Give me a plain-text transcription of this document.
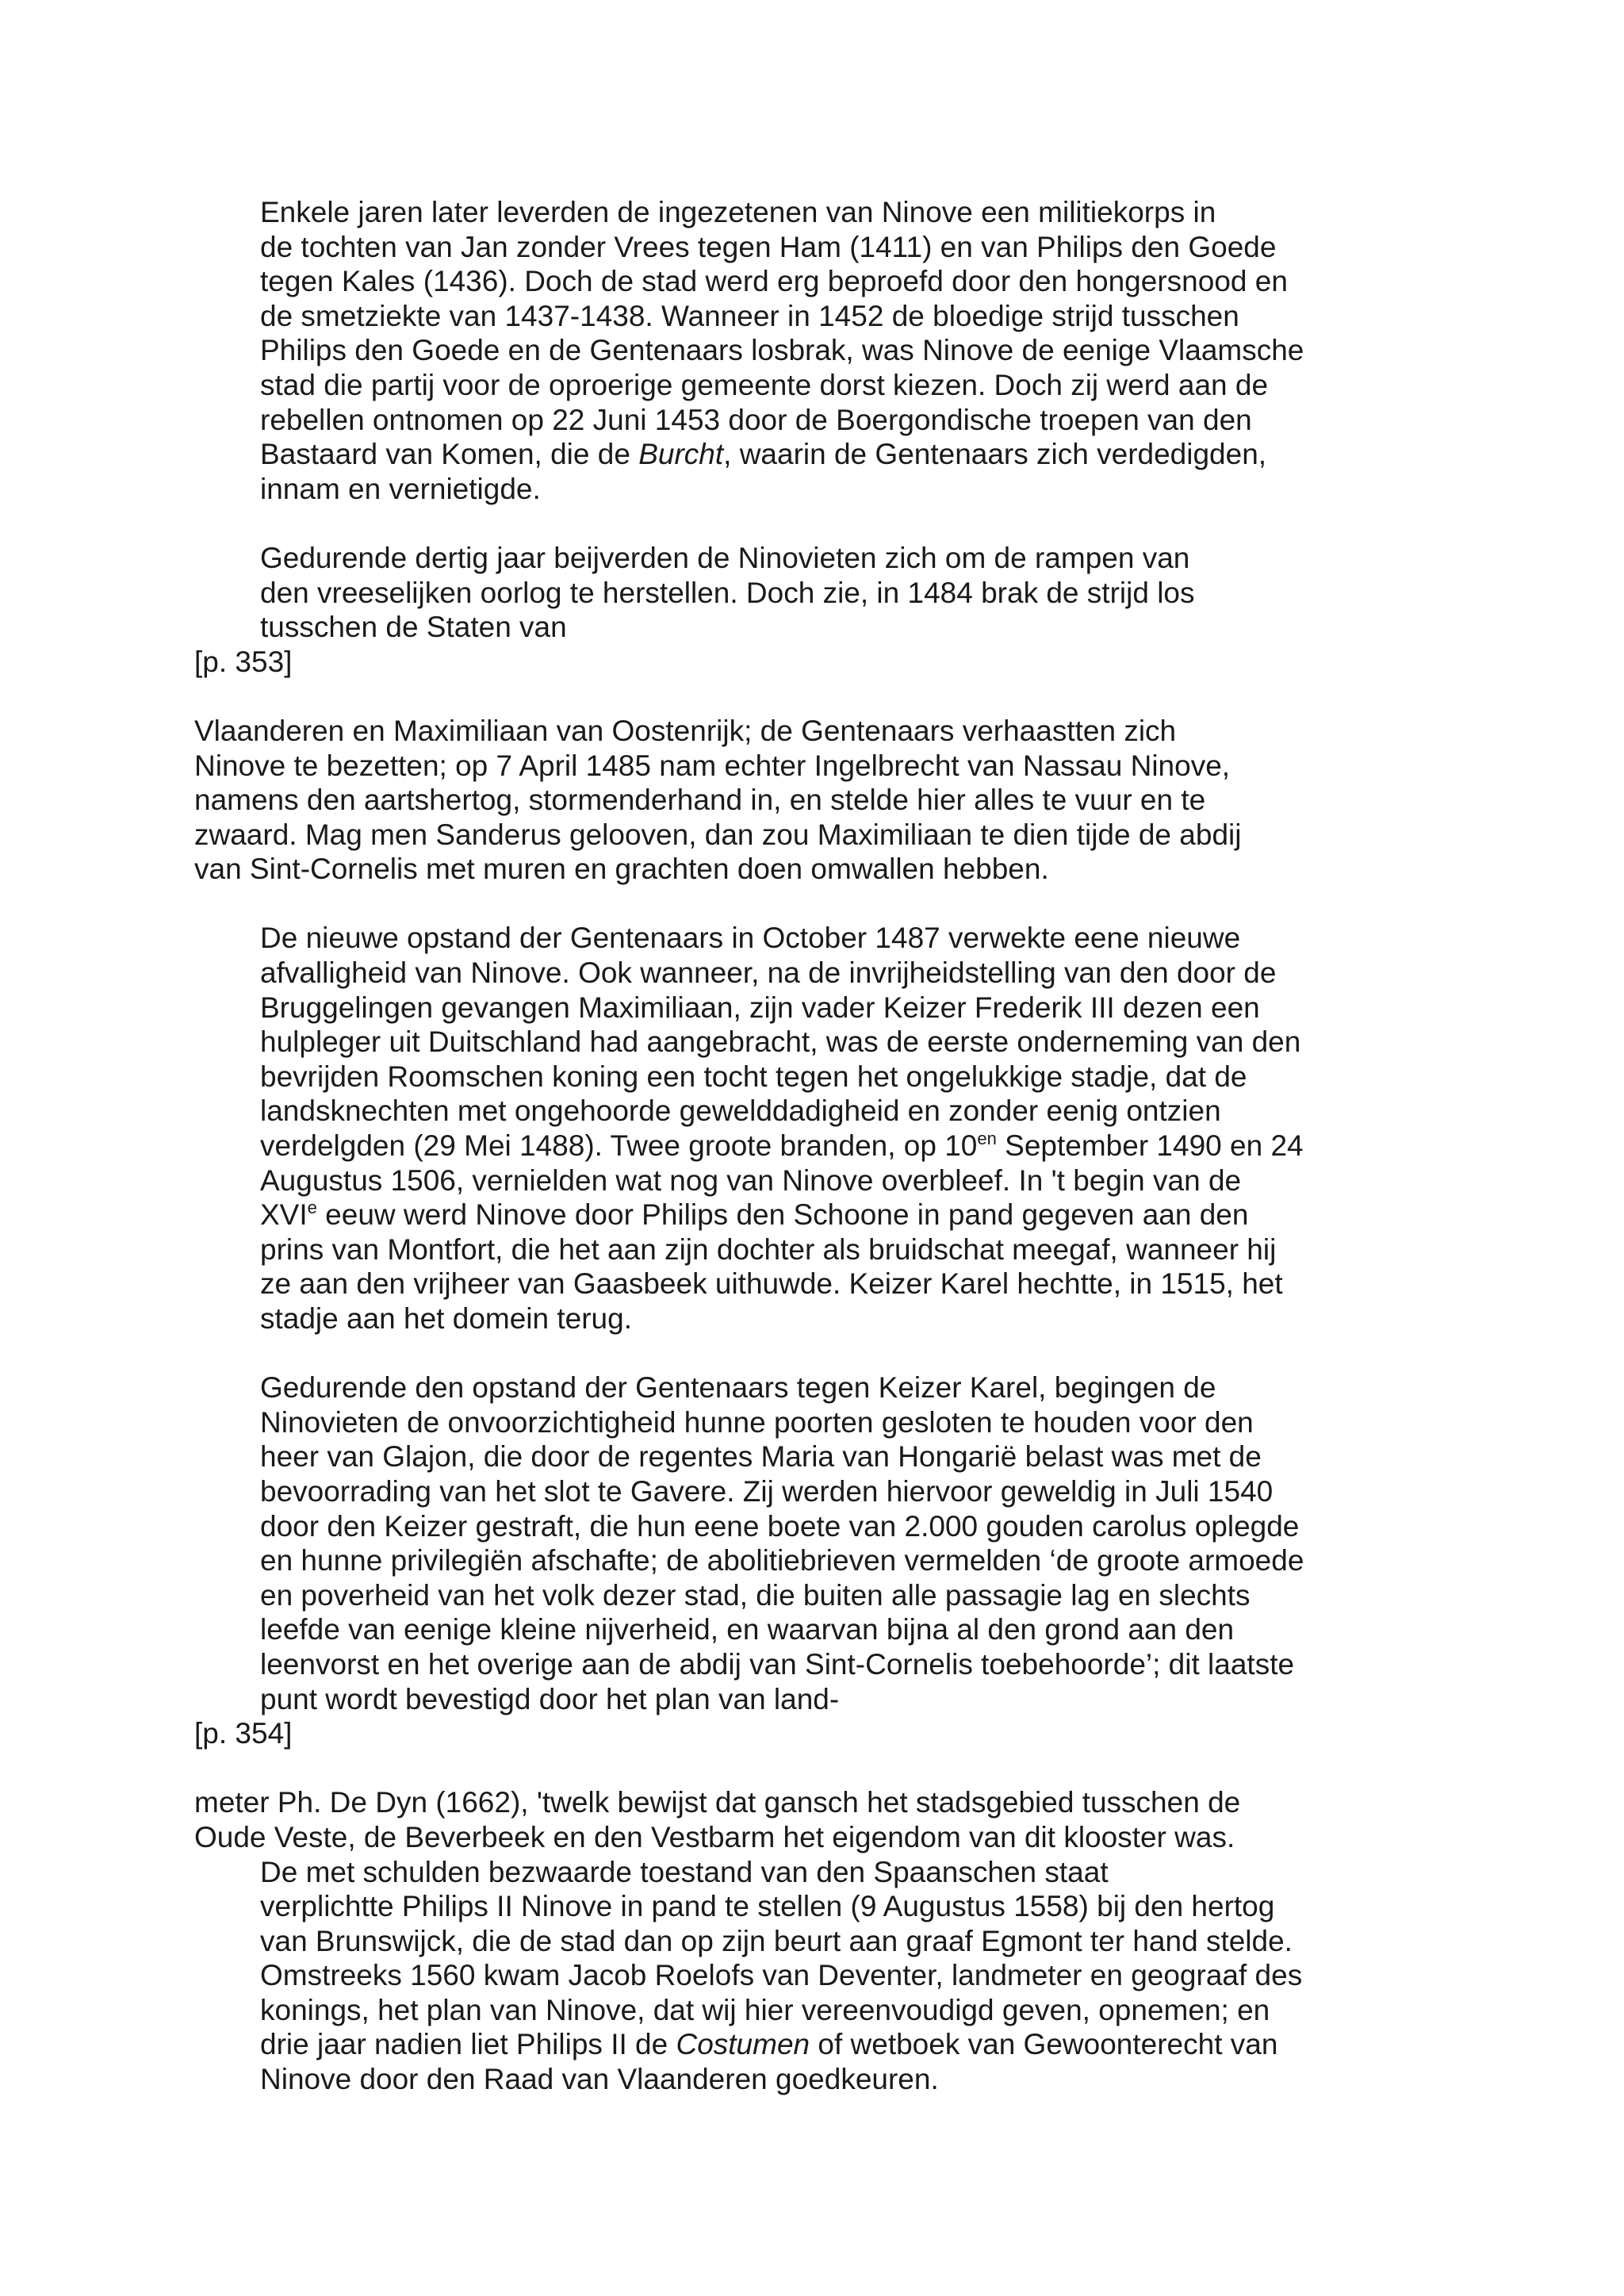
Enkele jaren later leverden de ingezetenen van Ninove een militiekorps in
de tochten van Jan zonder Vrees tegen Ham (1411) en van Philips den Goede
tegen Kales (1436). Doch de stad werd erg beproefd door den hongersnood en
de smetziekte van 1437-1438. Wanneer in 1452 de bloedige strijd tusschen
Philips den Goede en de Gentenaars losbrak, was Ninove de eenige Vlaamsche
stad die partij voor de oproerige gemeente dorst kiezen. Doch zij werd aan de
rebellen ontnomen op 22 Juni 1453 door de Boergondische troepen van den
Bastaard van Komen, die de Burcht, waarin de Gentenaars zich verdedigden,
innam en vernietigde.

Gedurende dertig jaar beijverden de Ninovieten zich om de rampen van
den vreeselijken oorlog te herstellen. Doch zie, in 1484 brak de strijd los
tusschen de Staten van

[p. 353]

Vlaanderen en Maximiliaan van Oostenrijk; de Gentenaars verhaastten zich
Ninove te bezetten; op 7 April 1485 nam echter Ingelbrecht van Nassau Ninove,
namens den aartshertog, stormenderhand in, en stelde hier alles te vuur en te
zwaard. Mag men Sanderus gelooven, dan zou Maximiliaan te dien tijde de abdij
van Sint-Cornelis met muren en grachten doen omwallen hebben.

De nieuwe opstand der Gentenaars in October 1487 verwekte eene nieuwe
afvalligheid van Ninove. Ook wanneer, na de invrijheidstelling van den door de
Bruggelingen gevangen Maximiliaan, zijn vader Keizer Frederik III dezen een
hulpleger uit Duitschland had aangebracht, was de eerste onderneming van den
bevrijden Roomschen koning een tocht tegen het ongelukkige stadje, dat de
landsknechten met ongehoorde gewelddadigheid en zonder eenig ontzien
verdelgden (29 Mei 1488). Twee groote branden, op $10^{en}$ September 1490 en 24
Augustus 1506, vernielden wat nog van Ninove overbleef. In 't begin van de
XVIe eeuw werd Ninove door Philips den Schoone in pand gegeven aan den
prins van Montfort, die het aan zijn dochter als bruidschat meegaf, wanneer hij
ze aan den vrijheer van Gaasbeek uithuwde. Keizer Karel hechtte, in 1515, het
stadje aan het domein terug.

Gedurende den opstand der Gentenaars tegen Keizer Karel, begingen de
Ninovieten de onvoorzichtigheid hunne poorten gesloten te houden voor den
heer van Glajon, die door de regentes Maria van Hongarië belast was met de
bevoorrading van het slot te Gavere. Zij werden hiervoor geweldig in Juli 1540
door den Keizer gestraft, die hun eene boete van 2.000 gouden carolus oplegde
en hunne privilegiën afschafte; de abolitiebrieven vermelden ‘de groote armoede
en poverheid van het volk dezer stad, die buiten alle passagie lag en slechts
leefde van eenige kleine nijverheid, en waarvan bijna al den grond aan den
leenvorst en het overige aan de abdij van Sint-Cornelis toebehoorde’; dit laatste
punt wordt bevestigd door het plan van land-

[p. 354]

meter Ph. De Dyn (1662), 'twelk bewijst dat gansch het stadsgebied tusschen de
Oude Veste, de Beverbeek en den Vestbarm het eigendom van dit klooster was.

De met schulden bezwaarde toestand van den Spaanschen staat
verplichtte Philips II Ninove in pand te stellen (9 Augustus 1558) bij den hertog
van Brunswijck, die de stad dan op zijn beurt aan graaf Egmont ter hand stelde.
Omstreeks 1560 kwam Jacob Roelofs van Deventer, landmeter en geograaf des
konings, het plan van Ninove, dat wij hier vereenvoudigd geven, opnemen; en
drie jaar nadien liet Philips II de Costumen of wetboek van Gewoonterecht van
Ninove door den Raad van Vlaanderen goedkeuren.
